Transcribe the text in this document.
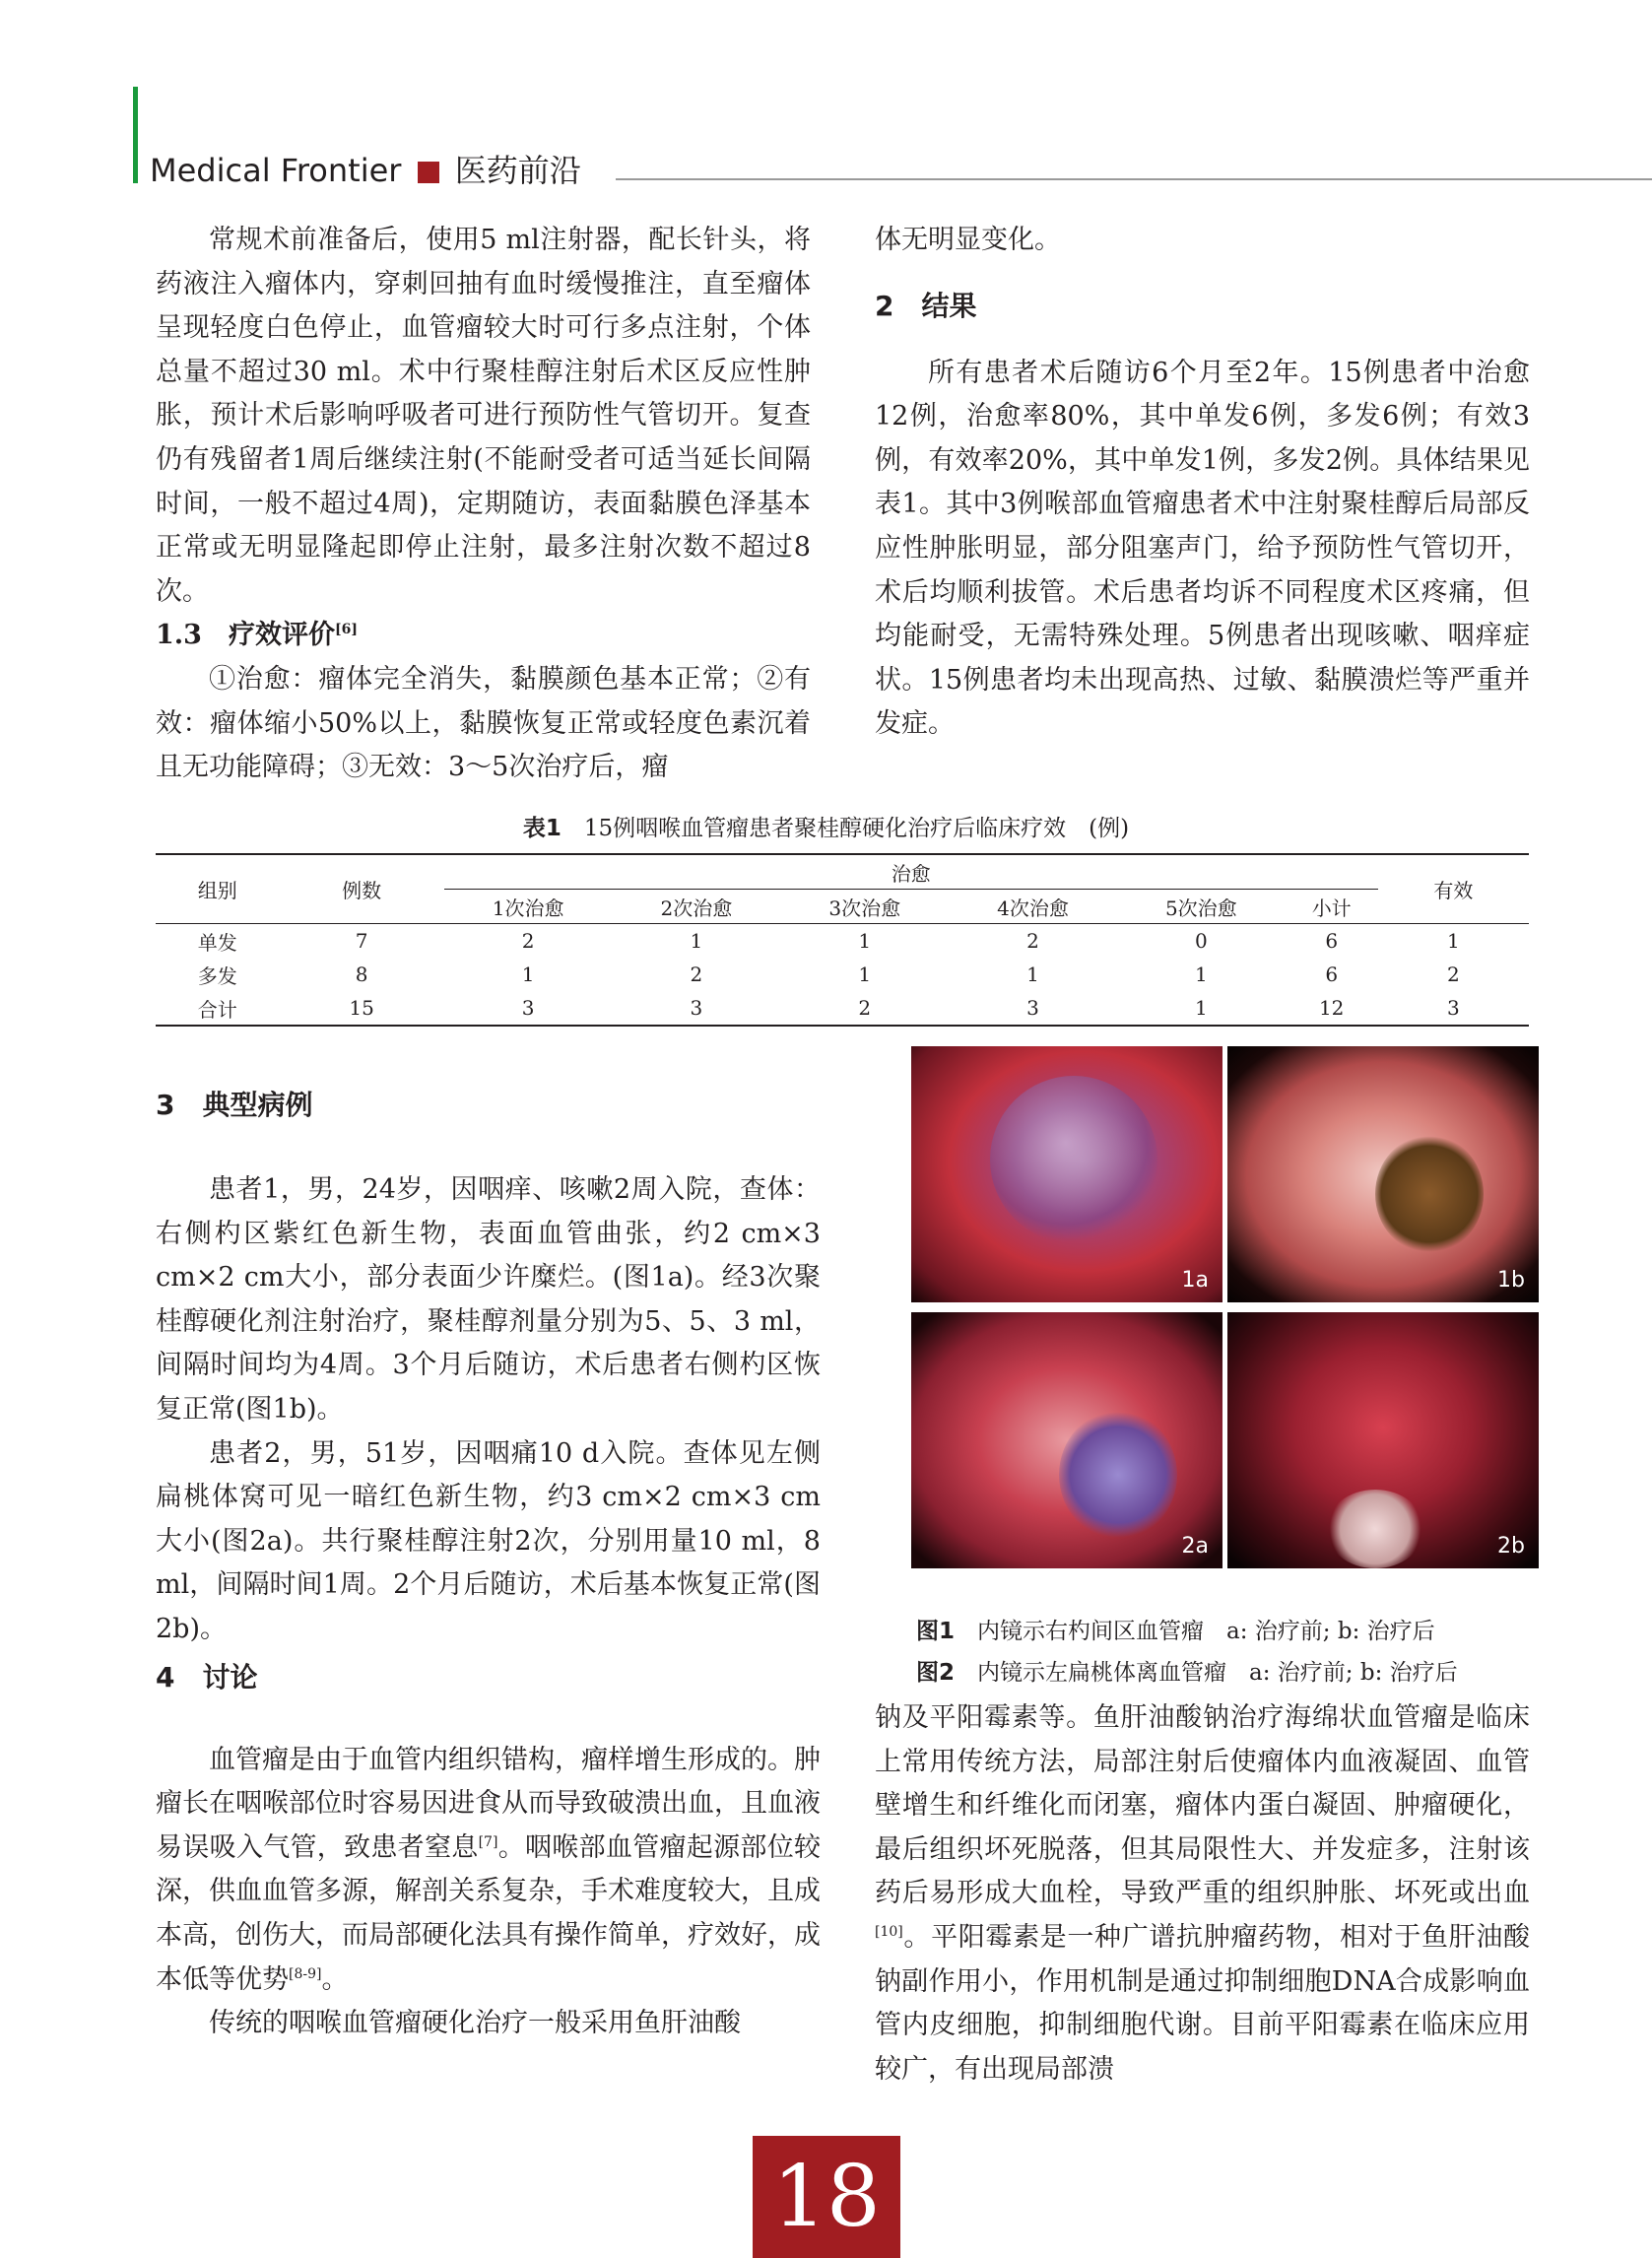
Medical Frontier 医药前沿

常规术前准备后，使用5 ml注射器，配长针头，将药液注入瘤体内，穿刺回抽有血时缓慢推注，直至瘤体呈现轻度白色停止，血管瘤较大时可行多点注射，个体总量不超过30 ml。术中行聚桂醇注射后术区反应性肿胀，预计术后影响呼吸者可进行预防性气管切开。复查仍有残留者1周后继续注射(不能耐受者可适当延长间隔时间，一般不超过4周)，定期随访，表面黏膜色泽基本正常或无明显隆起即停止注射，最多注射次数不超过8次。

1.3　疗效评价[6]

①治愈：瘤体完全消失，黏膜颜色基本正常；②有效：瘤体缩小50%以上，黏膜恢复正常或轻度色素沉着且无功能障碍；③无效：3～5次治疗后，瘤

体无明显变化。

2　结果

所有患者术后随访6个月至2年。15例患者中治愈12例，治愈率80%，其中单发6例，多发6例；有效3例，有效率20%，其中单发1例，多发2例。具体结果见表1。其中3例喉部血管瘤患者术中注射聚桂醇后局部反应性肿胀明显，部分阻塞声门，给予预防性气管切开，术后均顺利拔管。术后患者均诉不同程度术区疼痛，但均能耐受，无需特殊处理。5例患者出现咳嗽、咽痒症状。15例患者均未出现高热、过敏、黏膜溃烂等严重并发症。

表1　15例咽喉血管瘤患者聚桂醇硬化治疗后临床疗效　(例)
组别	例数	治愈						有效
		1次治愈	2次治愈	3次治愈	4次治愈	5次治愈	小计	
单发	7	2	1	1	2	0	6	1
多发	8	1	2	1	1	1	6	2
合计	15	3	3	2	3	1	12	3

3　典型病例

患者1，男，24岁，因咽痒、咳嗽2周入院，查体：右侧杓区紫红色新生物，表面血管曲张，约2 cm×3 cm×2 cm大小，部分表面少许糜烂。(图1a)。经3次聚桂醇硬化剂注射治疗，聚桂醇剂量分别为5、5、3 ml，间隔时间均为4周。3个月后随访，术后患者右侧杓区恢复正常(图1b)。

患者2，男，51岁，因咽痛10 d入院。查体见左侧扁桃体窝可见一暗红色新生物，约3 cm×2 cm×3 cm大小(图2a)。共行聚桂醇注射2次，分别用量10 ml，8 ml，间隔时间1周。2个月后随访，术后基本恢复正常(图2b)。

4　讨论

血管瘤是由于血管内组织错构，瘤样增生形成的。肿瘤长在咽喉部位时容易因进食从而导致破溃出血，且血液易误吸入气管，致患者窒息[7]。咽喉部血管瘤起源部位较深，供血血管多源，解剖关系复杂，手术难度较大，且成本高，创伤大，而局部硬化法具有操作简单，疗效好，成本低等优势[8-9]。

传统的咽喉血管瘤硬化治疗一般采用鱼肝油酸

1a	1b
2a	2b
图1　内镜示右杓间区血管瘤　a: 治疗前; b: 治疗后
图2　内镜示左扁桃体离血管瘤　a: 治疗前; b: 治疗后

钠及平阳霉素等。鱼肝油酸钠治疗海绵状血管瘤是临床上常用传统方法，局部注射后使瘤体内血液凝固、血管壁增生和纤维化而闭塞，瘤体内蛋白凝固、肿瘤硬化，最后组织坏死脱落，但其局限性大、并发症多，注射该药后易形成大血栓，导致严重的组织肿胀、坏死或出血[10]。平阳霉素是一种广谱抗肿瘤药物，相对于鱼肝油酸钠副作用小，作用机制是通过抑制细胞DNA合成影响血管内皮细胞，抑制细胞代谢。目前平阳霉素在临床应用较广，有出现局部溃

18
